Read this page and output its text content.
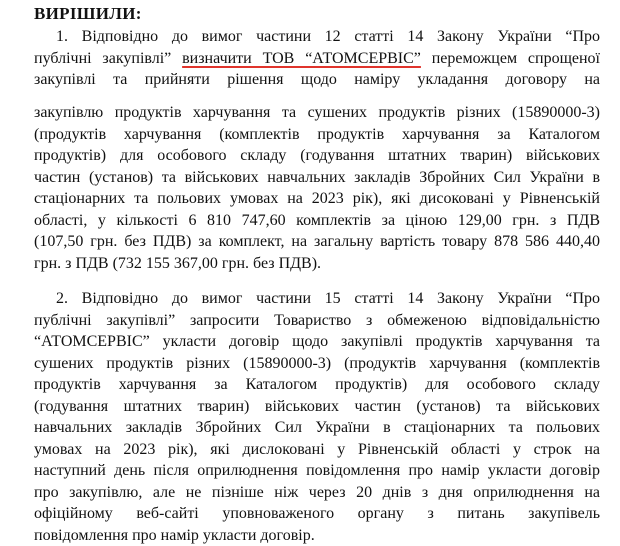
ВИРІШИЛИ:
1. Відповідно до вимог частини 12 статті 14 Закону України “Про
публічні закупівлі” визначити ТОВ “АТОМСЕРВІС” переможцем спрощеної
закупівлі та прийняти рішення щодо наміру укладання договору на
закупівлю продуктів харчування та сушених продуктів різних (15890000-3)
(продуктів харчування (комплектів продуктів харчування за Каталогом
продуктів) для особового складу (годування штатних тварин) військових
частин (установ) та військових навчальних закладів Збройних Сил України в
стаціонарних та польових умовах на 2023 рік), які дисоковані у Рівненській
області, у кількості 6 810 747,60 комплектів за ціною 129,00 грн. з ПДВ
(107,50 грн. без ПДВ) за комплект, на загальну вартість товару 878 586 440,40
грн. з ПДВ (732 155 367,00 грн. без ПДВ).
2. Відповідно до вимог частини 15 статті 14 Закону України “Про
публічні закупівлі” запросити Товариство з обмеженою відповідальністю
“АТОМСЕРВІС” укласти договір щодо закупівлі продуктів харчування та
сушених продуктів різних (15890000-3) (продуктів харчування (комплектів
продуктів харчування за Каталогом продуктів) для особового складу
(годування штатних тварин) військових частин (установ) та військових
навчальних закладів Збройних Сил України в стаціонарних та польових
умовах на 2023 рік), які дислоковані у Рівненській області у строк на
наступний день після оприлюднення повідомлення про намір укласти договір
про закупівлю, але не пізніше ніж через 20 днів з дня оприлюднення на
офіційному веб-сайті уповноваженого органу з питань закупівель
повідомлення про намір укласти договір.
